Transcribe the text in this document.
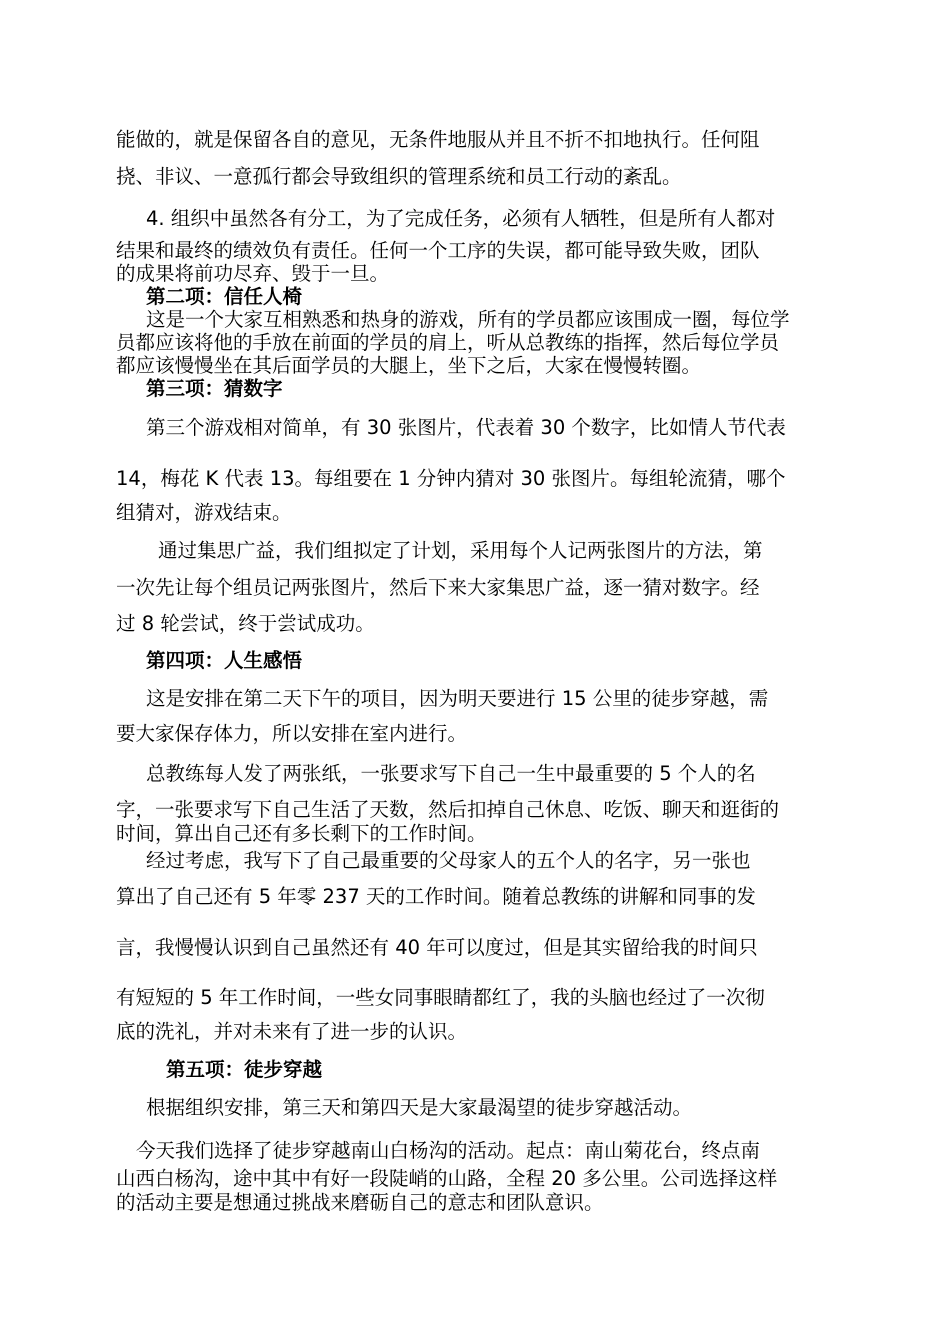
能做的，就是保留各自的意见，无条件地服从并且不折不扣地执行。任何阻
挠、非议、一意孤行都会导致组织的管理系统和员工行动的紊乱。
4. 组织中虽然各有分工，为了完成任务，必须有人牺牲，但是所有人都对
结果和最终的绩效负有责任。任何一个工序的失误，都可能导致失败，团队
的成果将前功尽弃、毁于一旦。
第二项：信任人椅
这是一个大家互相熟悉和热身的游戏，所有的学员都应该围成一圈，每位学
员都应该将他的手放在前面的学员的肩上，听从总教练的指挥，然后每位学员
都应该慢慢坐在其后面学员的大腿上，坐下之后，大家在慢慢转圈。
第三项：猜数字
第三个游戏相对简单，有 30 张图片，代表着 30 个数字，比如情人节代表
14，梅花 K 代表 13。每组要在 1 分钟内猜对 30 张图片。每组轮流猜，哪个
组猜对，游戏结束。
通过集思广益，我们组拟定了计划，采用每个人记两张图片的方法，第
一次先让每个组员记两张图片，然后下来大家集思广益，逐一猜对数字。经
过 8 轮尝试，终于尝试成功。
第四项：人生感悟
这是安排在第二天下午的项目，因为明天要进行 15 公里的徒步穿越，需
要大家保存体力，所以安排在室内进行。
总教练每人发了两张纸，一张要求写下自己一生中最重要的 5 个人的名
字，一张要求写下自己生活了天数，然后扣掉自己休息、吃饭、聊天和逛街的
时间，算出自己还有多长剩下的工作时间。
经过考虑，我写下了自己最重要的父母家人的五个人的名字，另一张也
算出了自己还有 5 年零 237 天的工作时间。随着总教练的讲解和同事的发
言，我慢慢认识到自己虽然还有 40 年可以度过，但是其实留给我的时间只
有短短的 5 年工作时间，一些女同事眼睛都红了，我的头脑也经过了一次彻
底的洗礼，并对未来有了进一步的认识。
第五项：徒步穿越
根据组织安排，第三天和第四天是大家最渴望的徒步穿越活动。
今天我们选择了徒步穿越南山白杨沟的活动。起点：南山菊花台，终点南
山西白杨沟，途中其中有好一段陡峭的山路，全程 20 多公里。公司选择这样
的活动主要是想通过挑战来磨砺自己的意志和团队意识。
